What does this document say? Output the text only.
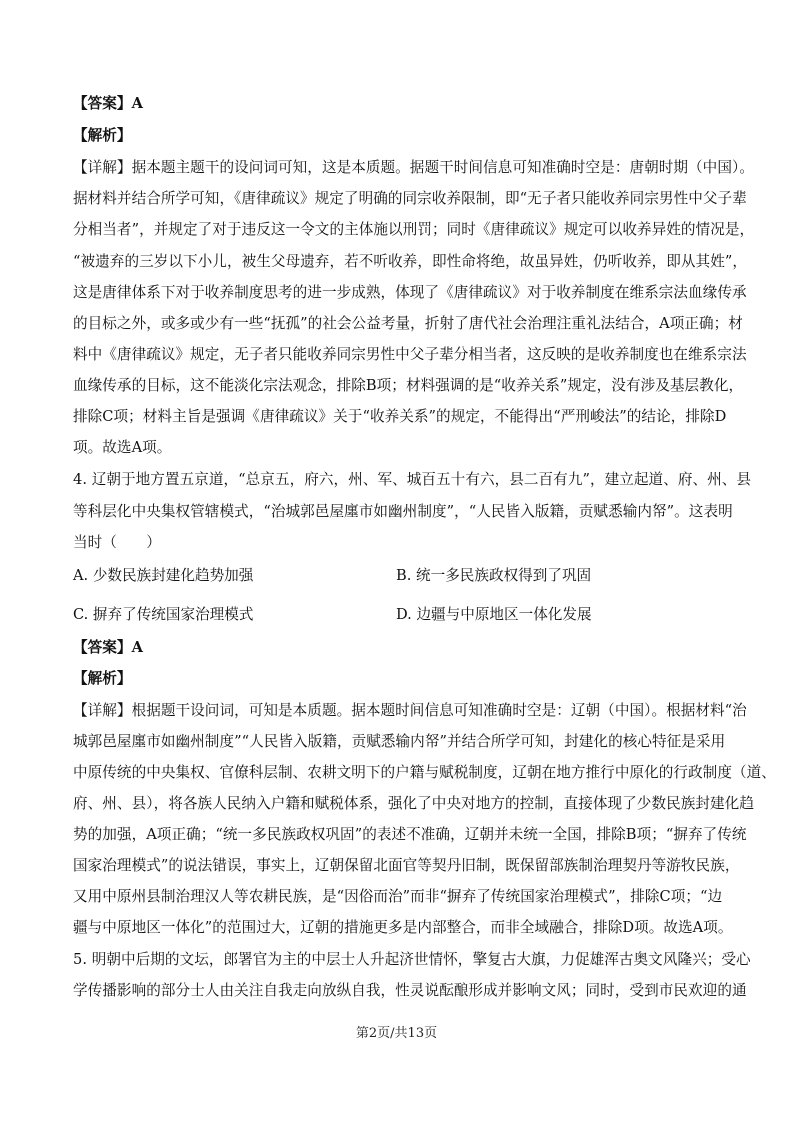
【答案】A
【解析】
【详解】据本题主题干的设问词可知，这是本质题。据题干时间信息可知准确时空是：唐朝时期（中国）。
据材料并结合所学可知，《唐律疏议》规定了明确的同宗收养限制，即“无子者只能收养同宗男性中父子辈
分相当者”，并规定了对于违反这一令文的主体施以刑罚；同时《唐律疏议》规定可以收养异姓的情况是，
“被遗弃的三岁以下小儿，被生父母遗弃，若不听收养，即性命将绝，故虽异姓，仍听收养，即从其姓”，
这是唐律体系下对于收养制度思考的进一步成熟，体现了《唐律疏议》对于收养制度在维系宗法血缘传承
的目标之外，或多或少有一些“抚孤”的社会公益考量，折射了唐代社会治理注重礼法结合，A项正确；材
料中《唐律疏议》规定，无子者只能收养同宗男性中父子辈分相当者，这反映的是收养制度也在维系宗法
血缘传承的目标，这不能淡化宗法观念，排除B项；材料强调的是“收养关系”规定，没有涉及基层教化，
排除C项；材料主旨是强调《唐律疏议》关于“收养关系”的规定，不能得出“严刑峻法”的结论，排除D
项。故选A项。
4. 辽朝于地方置五京道，“总京五，府六，州、军、城百五十有六，县二百有九”，建立起道、府、州、县
等科层化中央集权管辖模式，“治城郭邑屋廛市如幽州制度”，“人民皆入版籍，贡赋悉输内帑”。这表明
当时（　　）
A. 少数民族封建化趋势加强	B. 统一多民族政权得到了巩固
C. 摒弃了传统国家治理模式	D. 边疆与中原地区一体化发展
【答案】A
【解析】
【详解】根据题干设问词，可知是本质题。据本题时间信息可知准确时空是：辽朝（中国）。根据材料“治
城郭邑屋廛市如幽州制度”“人民皆入版籍，贡赋悉输内帑”并结合所学可知，封建化的核心特征是采用
中原传统的中央集权、官僚科层制、农耕文明下的户籍与赋税制度，辽朝在地方推行中原化的行政制度（道、
府、州、县），将各族人民纳入户籍和赋税体系，强化了中央对地方的控制，直接体现了少数民族封建化趋
势的加强，A项正确；“统一多民族政权巩固”的表述不准确，辽朝并未统一全国，排除B项；“摒弃了传统
国家治理模式”的说法错误，事实上，辽朝保留北面官等契丹旧制，既保留部族制治理契丹等游牧民族，
又用中原州县制治理汉人等农耕民族，是“因俗而治”而非“摒弃了传统国家治理模式”，排除C项；“边
疆与中原地区一体化”的范围过大，辽朝的措施更多是内部整合，而非全域融合，排除D项。故选A项。
5. 明朝中后期的文坛，郎署官为主的中层士人升起济世情怀，擎复古大旗，力促雄浑古奥文风隆兴；受心
学传播影响的部分士人由关注自我走向放纵自我，性灵说酝酿形成并影响文风；同时，受到市民欢迎的通
第2页/共13页
